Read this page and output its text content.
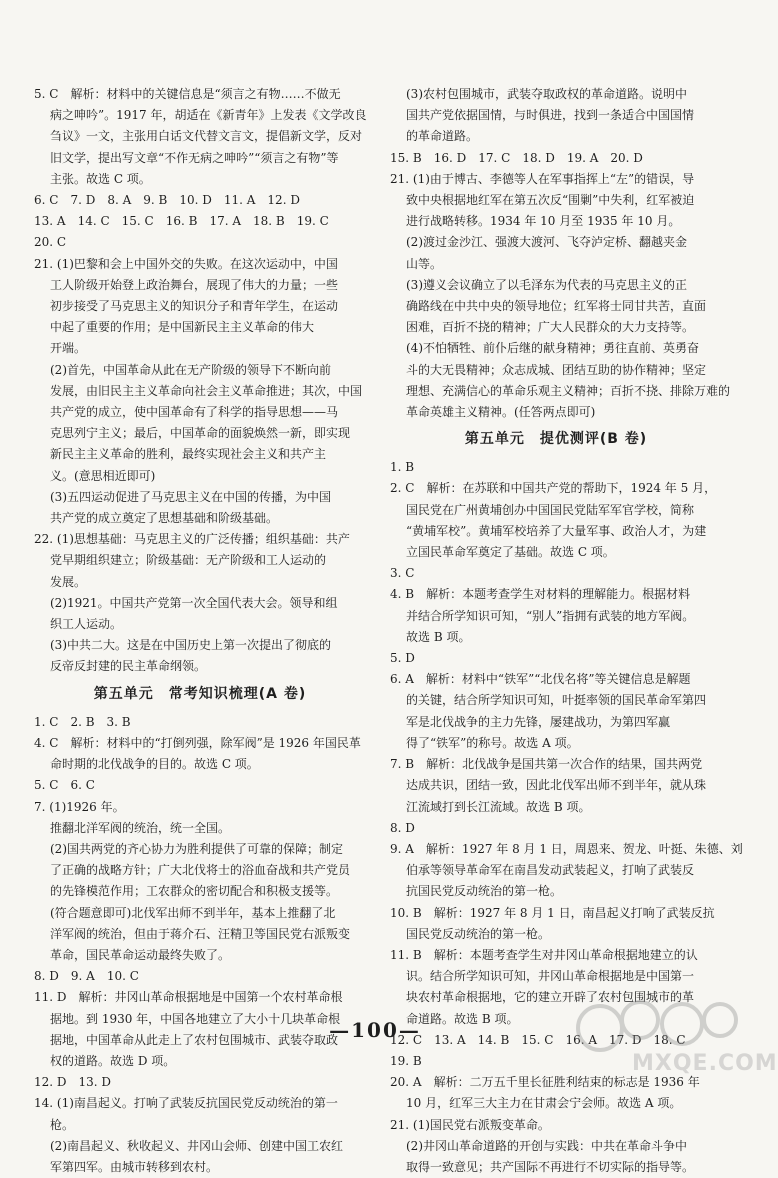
5. C　解析：材料中的关键信息是“须言之有物……不做无
病之呻吟”。1917 年，胡适在《新青年》上发表《文学改良
刍议》一文，主张用白话文代替文言文，提倡新文学，反对
旧文学，提出写文章“不作无病之呻吟”“须言之有物”等
主张。故选 C 项。
6. C　7. D　8. A　9. B　10. D　11. A　12. D
13. A　14. C　15. C　16. B　17. A　18. B　19. C
20. C
21. (1)巴黎和会上中国外交的失败。在这次运动中，中国
工人阶级开始登上政治舞台，展现了伟大的力量；一些
初步接受了马克思主义的知识分子和青年学生，在运动
中起了重要的作用；是中国新民主主义革命的伟大
开端。
(2)首先，中国革命从此在无产阶级的领导下不断向前
发展，由旧民主主义革命向社会主义革命推进；其次，中国
共产党的成立，使中国革命有了科学的指导思想——马
克思列宁主义；最后，中国革命的面貌焕然一新，即实现
新民主主义革命的胜利，最终实现社会主义和共产主
义。(意思相近即可)
(3)五四运动促进了马克思主义在中国的传播，为中国
共产党的成立奠定了思想基础和阶级基础。
22. (1)思想基础：马克思主义的广泛传播；组织基础：共产
党早期组织建立；阶级基础：无产阶级和工人运动的
发展。
(2)1921。中国共产党第一次全国代表大会。领导和组
织工人运动。
(3)中共二大。这是在中国历史上第一次提出了彻底的
反帝反封建的民主革命纲领。
第五单元　常考知识梳理(A 卷)
1. C　2. B　3. B
4. C　解析：材料中的“打倒列强，除军阀”是 1926 年国民革
命时期的北伐战争的目的。故选 C 项。
5. C　6. C
7. (1)1926 年。
推翻北洋军阀的统治，统一全国。
(2)国共两党的齐心协力为胜利提供了可靠的保障；制定
了正确的战略方针；广大北伐将士的浴血奋战和共产党员
的先锋模范作用；工农群众的密切配合和积极支援等。
(符合题意即可)北伐军出师不到半年，基本上推翻了北
洋军阀的统治，但由于蒋介石、汪精卫等国民党右派叛变
革命，国民革命运动最终失败了。
8. D　9. A　10. C
11. D　解析：井冈山革命根据地是中国第一个农村革命根
据地。到 1930 年，中国各地建立了大小十几块革命根
据地，中国革命从此走上了农村包围城市、武装夺取政
权的道路。故选 D 项。
12. D　13. D
14. (1)南昌起义。打响了武装反抗国民党反动统治的第一
枪。
(2)南昌起义、秋收起义、井冈山会师、创建中国工农红
军第四军。由城市转移到农村。
(3)农村包围城市，武装夺取政权的革命道路。说明中
国共产党依据国情，与时俱进，找到一条适合中国国情
的革命道路。
15. B　16. D　17. C　18. D　19. A　20. D
21. (1)由于博古、李德等人在军事指挥上“左”的错误，导
致中央根据地红军在第五次反“围剿”中失利，红军被迫
进行战略转移。1934 年 10 月至 1935 年 10 月。
(2)渡过金沙江、强渡大渡河、飞夺泸定桥、翻越夹金
山等。
(3)遵义会议确立了以毛泽东为代表的马克思主义的正
确路线在中共中央的领导地位；红军将士同甘共苦，直面
困难，百折不挠的精神；广大人民群众的大力支持等。
(4)不怕牺牲、前仆后继的献身精神；勇往直前、英勇奋
斗的大无畏精神；众志成城、团结互助的协作精神；坚定
理想、充满信心的革命乐观主义精神；百折不挠、排除万难的
革命英雄主义精神。(任答两点即可)
第五单元　提优测评(B 卷)
1. B
2. C　解析：在苏联和中国共产党的帮助下，1924 年 5 月，
国民党在广州黄埔创办中国国民党陆军军官学校，简称
“黄埔军校”。黄埔军校培养了大量军事、政治人才，为建
立国民革命军奠定了基础。故选 C 项。
3. C
4. B　解析：本题考查学生对材料的理解能力。根据材料
并结合所学知识可知，“别人”指拥有武装的地方军阀。
故选 B 项。
5. D
6. A　解析：材料中“铁军”“北伐名将”等关键信息是解题
的关键，结合所学知识可知，叶挺率领的国民革命军第四
军是北伐战争的主力先锋，屡建战功，为第四军赢
得了“铁军”的称号。故选 A 项。
7. B　解析：北伐战争是国共第一次合作的结果，国共两党
达成共识，团结一致，因此北伐军出师不到半年，就从珠
江流域打到长江流域。故选 B 项。
8. D
9. A　解析：1927 年 8 月 1 日，周恩来、贺龙、叶挺、朱德、刘
伯承等领导革命军在南昌发动武装起义，打响了武装反
抗国民党反动统治的第一枪。
10. B　解析：1927 年 8 月 1 日，南昌起义打响了武装反抗
国民党反动统治的第一枪。
11. B　解析：本题考查学生对井冈山革命根据地建立的认
识。结合所学知识可知，井冈山革命根据地是中国第一
块农村革命根据地，它的建立开辟了农村包围城市的革
命道路。故选 B 项。
12. C　13. A　14. B　15. C　16. A　17. D　18. C
19. B
20. A　解析：二万五千里长征胜利结束的标志是 1936 年
10 月，红军三大主力在甘肃会宁会师。故选 A 项。
21. (1)国民党右派叛变革命。
(2)井冈山革命道路的开创与实践：中共在革命斗争中
取得一致意见；共产国际不再进行不切实际的指导等。
—100—
MXQE.COM
